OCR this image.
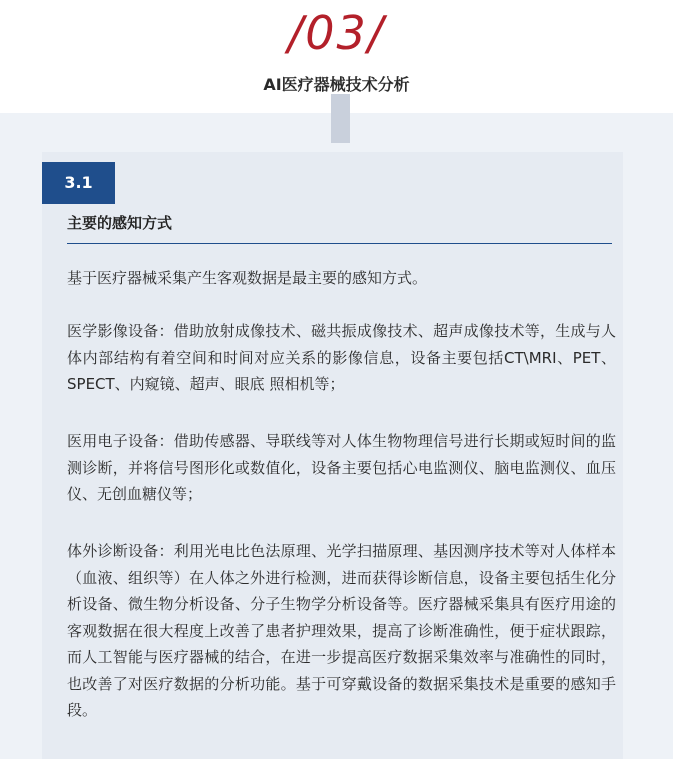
/03/
AI医疗器械技术分析
3.1
主要的感知方式

基于医疗器械采集产生客观数据是最主要的感知方式。

医学影像设备：借助放射成像技术、磁共振成像技术、超声成像技术等，生成与人体内部结构有着空间和时间对应关系的影像信息，设备主要包括CT\MRI、PET、SPECT、内窥镜、超声、眼底 照相机等；

医用电子设备：借助传感器、导联线等对人体生物物理信号进行长期或短时间的监测诊断，并将信号图形化或数值化，设备主要包括心电监测仪、脑电监测仪、血压仪、无创血糖仪等；

体外诊断设备：利用光电比色法原理、光学扫描原理、基因测序技术等对人体样本（血液、组织等）在人体之外进行检测，进而获得诊断信息，设备主要包括生化分析设备、微生物分析设备、分子生物学分析设备等。医疗器械采集具有医疗用途的客观数据在很大程度上改善了患者护理效果，提高了诊断准确性，便于症状跟踪，而人工智能与医疗器械的结合，在进一步提高医疗数据采集效率与准确性的同时，也改善了对医疗数据的分析功能。基于可穿戴设备的数据采集技术是重要的感知手段。
